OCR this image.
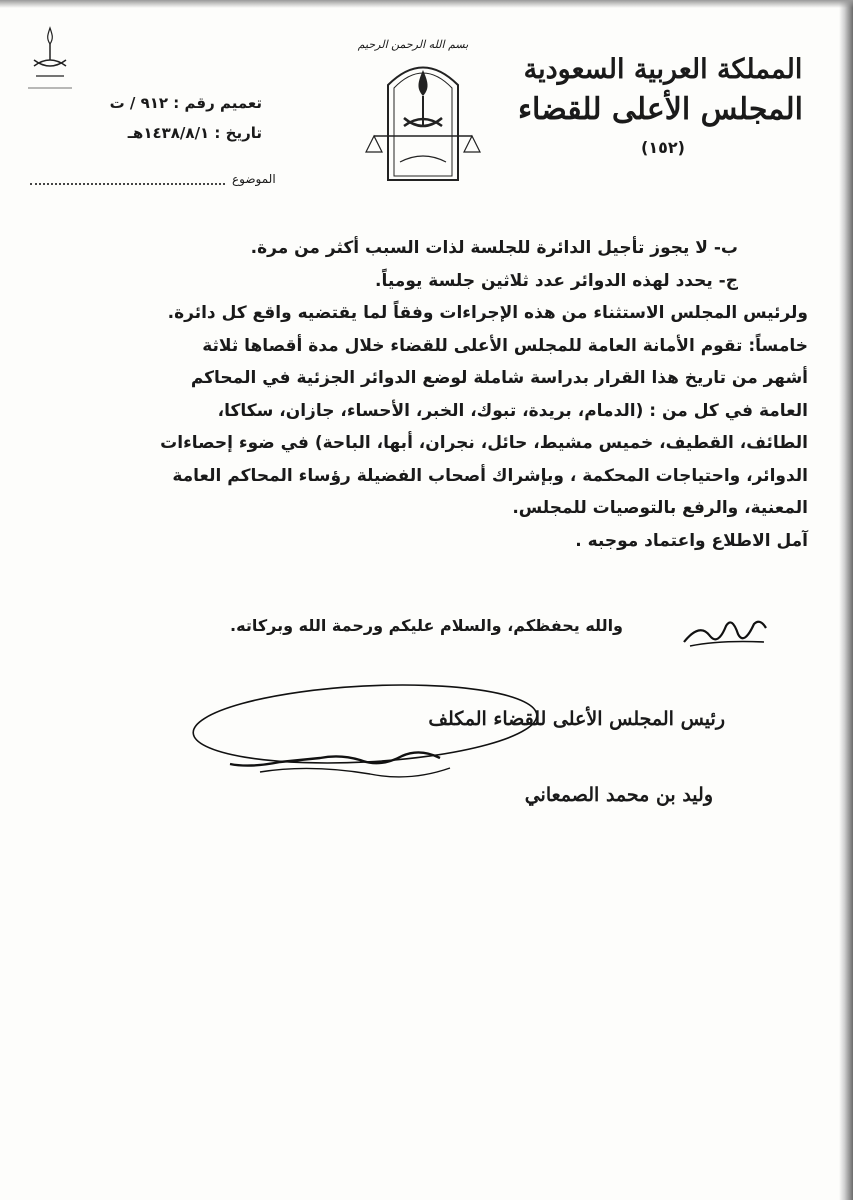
بسم الله الرحمن الرحيم
المملكة العربية السعودية
المجلس الأعلى للقضاء
(١٥٢)
تعميم رقم : ٩١٢ / ت
تاريخ : ١٤٣٨/٨/١هـ
الموضوع

ب- لا يجوز تأجيل الدائرة للجلسة لذات السبب أكثر من مرة.

ج- يحدد لهذه الدوائر عدد ثلاثين جلسة يومياً.

ولرئيس المجلس الاستثناء من هذه الإجراءات وفقاً لما يقتضيه واقع كل دائرة.

خامساً: تقوم الأمانة العامة للمجلس الأعلى للقضاء خلال مدة أقصاها ثلاثة

أشهر من تاريخ هذا القرار بدراسة شاملة لوضع الدوائر الجزئية في المحاكم

العامة في كل من : (الدمام، بريدة، تبوك، الخبر، الأحساء، جازان، سكاكا،

الطائف، القطيف، خميس مشيط، حائل، نجران، أبها، الباحة) في ضوء إحصاءات

الدوائر، واحتياجات المحكمة ، وبإشراك أصحاب الفضيلة رؤساء المحاكم العامة

المعنية، والرفع بالتوصيات للمجلس.

آمل الاطلاع واعتماد موجبه .

والله يحفظكم، والسلام عليكم ورحمة الله وبركاته.
رئيس المجلس الأعلى للقضاء المكلف
وليد بن محمد الصمعاني
